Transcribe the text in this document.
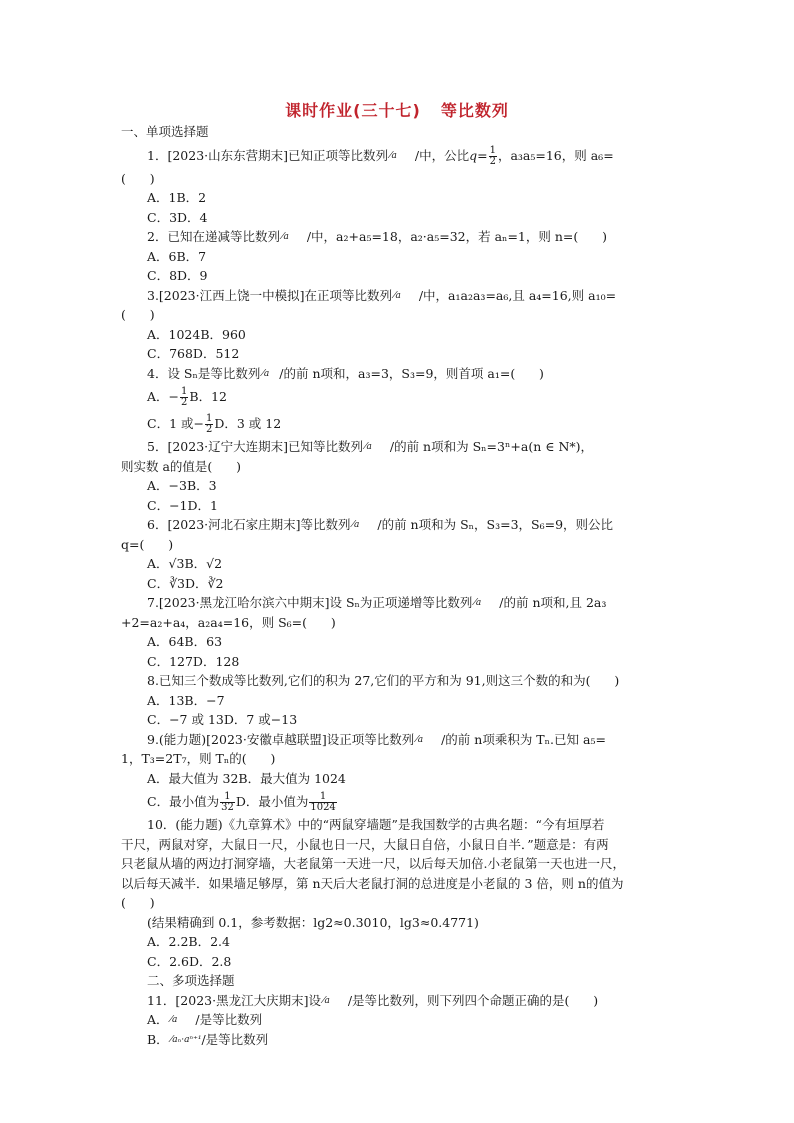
课时作业(三十七) 等比数列
一、单项选择题
1．[2023·山东东营期末]已知正项等比数列 ⁄a /中，公比$q= \frac{1}{2}$ ，a₃a₅=16，则 a₆=
(      )
A．1B．2
C．3D．4
2．已知在递减等比数列 ⁄a /中，a₂+a₅=18，a₂·a₅=32，若 aₙ=1，则 n=(      )
A．6B．7
C．8D．9
3.[2023·江西上饶一中模拟]在正项等比数列 ⁄a /中，a₁a₂a₃=a₆,且 a₄=16,则 a₁₀=
(      )
A．1024B．960
C．768D．512
4．设 Sₙ是等比数列 ⁄a /的前 n项和，a₃=3，S₃=9，则首项 a₁=(      )
A．− $\frac{1}{2}$ B．12
C．1 或− $\frac{1}{2}$ D．3 或 12
5．[2023·辽宁大连期末]已知等比数列 ⁄a /的前 n项和为 Sₙ=3ⁿ+a(n ∈ N*)，
则实数 a的值是(      )
A．−3B．3
C．−1D．1
6．[2023·河北石家庄期末]等比数列 ⁄a /的前 n项和为 Sₙ，S₃=3，S₆=9，则公比
q=(      )
A．√3B．√2
C．∛3D．∛2
7.[2023·黑龙江哈尔滨六中期末]设 Sₙ为正项递增等比数列 ⁄a /的前 n项和,且 2a₃
+2=a₂+a₄，a₂a₄=16，则 S₆=(      )
A．64B．63
C．127D．128
8.已知三个数成等比数列,它们的积为 27,它们的平方和为 91,则这三个数的和为(      )
A．13B．−7
C．−7 或 13D．7 或−13
9.(能力题)[2023·安徽卓越联盟]设正项等比数列 ⁄a /的前 n项乘积为 Tₙ.已知 a₅=
1，T₃=2T₇，则 Tₙ的(      )
A．最大值为 32B．最大值为 1024
C．最小值为 $\frac{1}{32}$ D．最小值为 $\frac{1}{1024}$
10．(能力题)《九章算术》中的“两鼠穿墙题”是我国数学的古典名题：“今有垣厚若
干尺，两鼠对穿，大鼠日一尺，小鼠也日一尺，大鼠日自倍，小鼠日自半．”题意是：有两
只老鼠从墙的两边打洞穿墙，大老鼠第一天进一尺，以后每天加倍.小老鼠第一天也进一尺，
以后每天减半．如果墙足够厚，第 n天后大老鼠打洞的总进度是小老鼠的 3 倍，则 n的值为
(      )
(结果精确到 0.1，参考数据：lg2≈0.3010，lg3≈0.4771)
A．2.2B．2.4
C．2.6D．2.8
二、多项选择题
11．[2023·黑龙江大庆期末]设 ⁄a /是等比数列，则下列四个命题正确的是(      )
A． ⁄a /是等比数列
B． ⁄aₙ·aⁿ⁺¹/是等比数列
